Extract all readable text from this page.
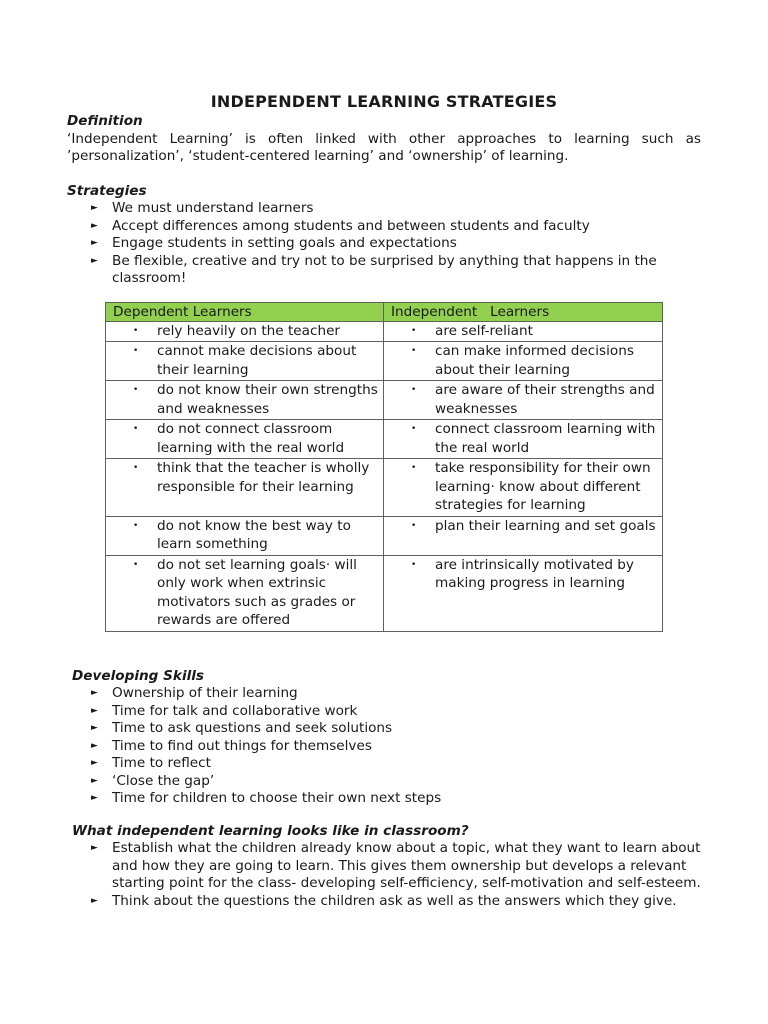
INDEPENDENT LEARNING STRATEGIES

Definition

‘Independent Learning’ is often linked with other approaches to learning such as ’personalization’, ‘student-centered learning’ and ‘ownership’ of learning.

Strategies

► We must understand learners
► Accept differences among students and between students and faculty
► Engage students in setting goals and expectations
► Be flexible, creative and try not to be surprised by anything that happens in the classroom!
Dependent Learners	Independent   Learners

• rely heavily on the teacher	• are self-reliant

• cannot make decisions about their learning	• can make informed decisions about their learning

• do not know their own strengths and weaknesses	• are aware of their strengths and weaknesses

• do not connect classroom learning with the real world	• connect classroom learning with the real world

• think that the teacher is wholly responsible for their learning	• take responsibility for their own learning· know about different strategies for learning

• do not know the best way to learn something	• plan their learning and set goals

• do not set learning goals· will only work when extrinsic motivators such as grades or rewards are offered	• are intrinsically motivated by making progress in learning

Developing Skills

► Ownership of their learning
► Time for talk and collaborative work
► Time to ask questions and seek solutions
► Time to find out things for themselves
► Time to reflect
► ‘Close the gap’
► Time for children to choose their own next steps

What independent learning looks like in classroom?

► Establish what the children already know about a topic, what they want to learn about and how they are going to learn. This gives them ownership but develops a relevant starting point for the class- developing self-efficiency, self-motivation and self-esteem.
► Think about the questions the children ask as well as the answers which they give.
